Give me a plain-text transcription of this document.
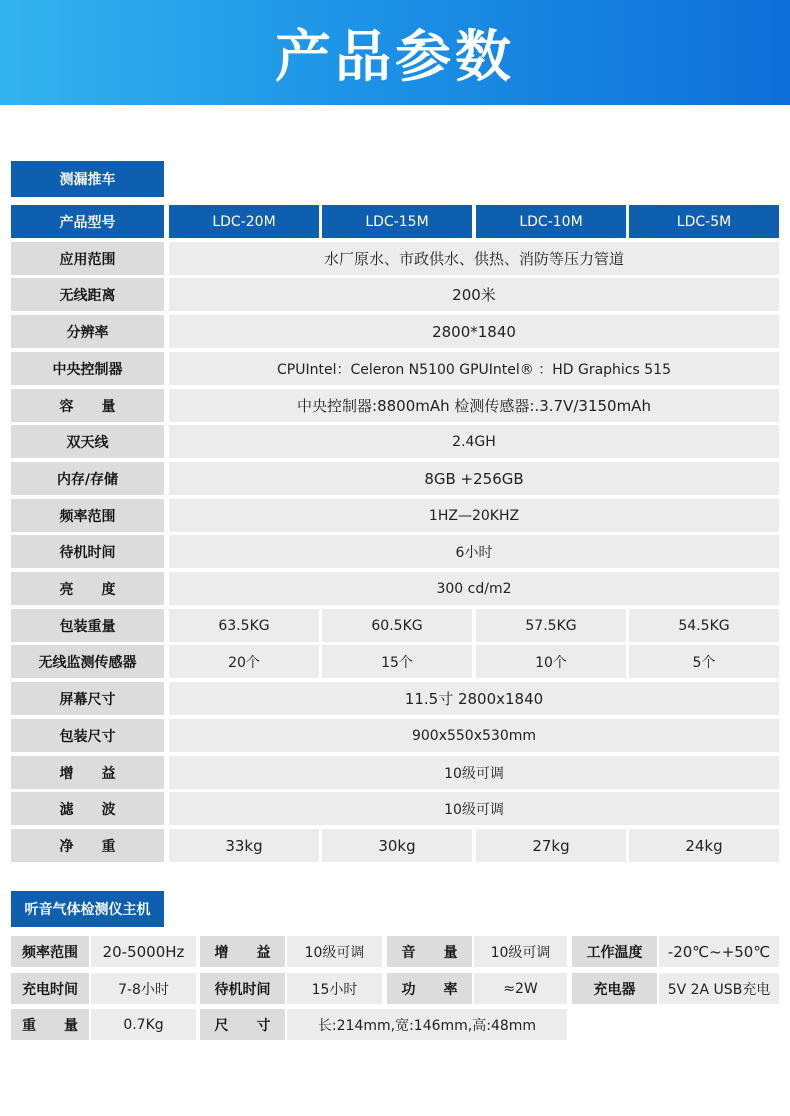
产品参数
测漏推车
产品型号	LDC-20M	LDC-15M	LDC-10M	LDC-5M
应用范围	水厂原水、市政供水、供热、消防等压力管道
无线距离	200米
分辨率	2800*1840
中央控制器	CPUIntel：Celeron N5100 GPUIntel® ：HD Graphics 515
容　　量	中央控制器:8800mAh 检测传感器:.3.7V/3150mAh
双天线	2.4GH
内存/存储	8GB +256GB
频率范围	1HZ—20KHZ
待机时间	6小时
亮　　度	300 cd/m2
包装重量	63.5KG	60.5KG	57.5KG	54.5KG
无线监测传感器	20个	15个	10个	5个
屏幕尺寸	11.5寸 2800x1840
包装尺寸	900x550x530mm
增　　益	10级可调
滤　　波	10级可调
净　　重	33kg	30kg	27kg	24kg
听音气体检测仪主机
频率范围	20-5000Hz	增　　益	10级可调	音　　量	10级可调	工作温度	-20℃~+50℃
充电时间	7-8小时	待机时间	15小时	功　　率	≈2W	充电器	5V 2A USB充电
重　　量	0.7Kg	尺　　寸	长:214mm,宽:146mm,高:48mm
